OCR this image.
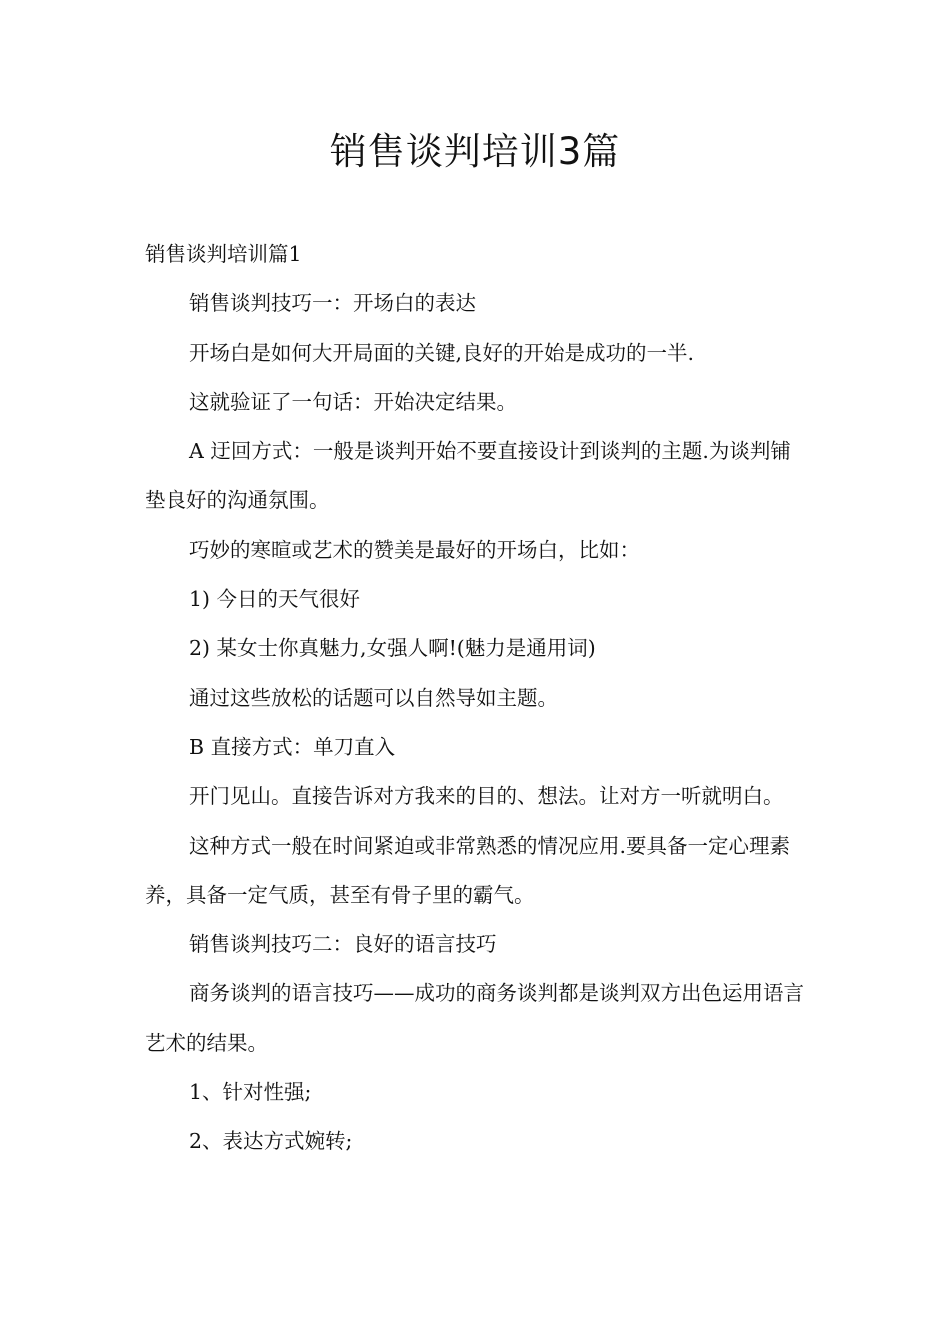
销售谈判培训3篇

销售谈判培训篇1

销售谈判技巧一：开场白的表达

开场白是如何大开局面的关键,良好的开始是成功的一半.

这就验证了一句话：开始决定结果。

A 迂回方式：一般是谈判开始不要直接设计到谈判的主题.为谈判铺垫良好的沟通氛围。

巧妙的寒暄或艺术的赞美是最好的开场白，比如：

1) 今日的天气很好

2) 某女士你真魅力,女强人啊!(魅力是通用词)

通过这些放松的话题可以自然导如主题。

B 直接方式：单刀直入

开门见山。直接告诉对方我来的目的、想法。让对方一听就明白。

这种方式一般在时间紧迫或非常熟悉的情况应用.要具备一定心理素养，具备一定气质，甚至有骨子里的霸气。

销售谈判技巧二：良好的语言技巧

商务谈判的语言技巧——成功的商务谈判都是谈判双方出色运用语言艺术的结果。

1、针对性强;

2、表达方式婉转;
